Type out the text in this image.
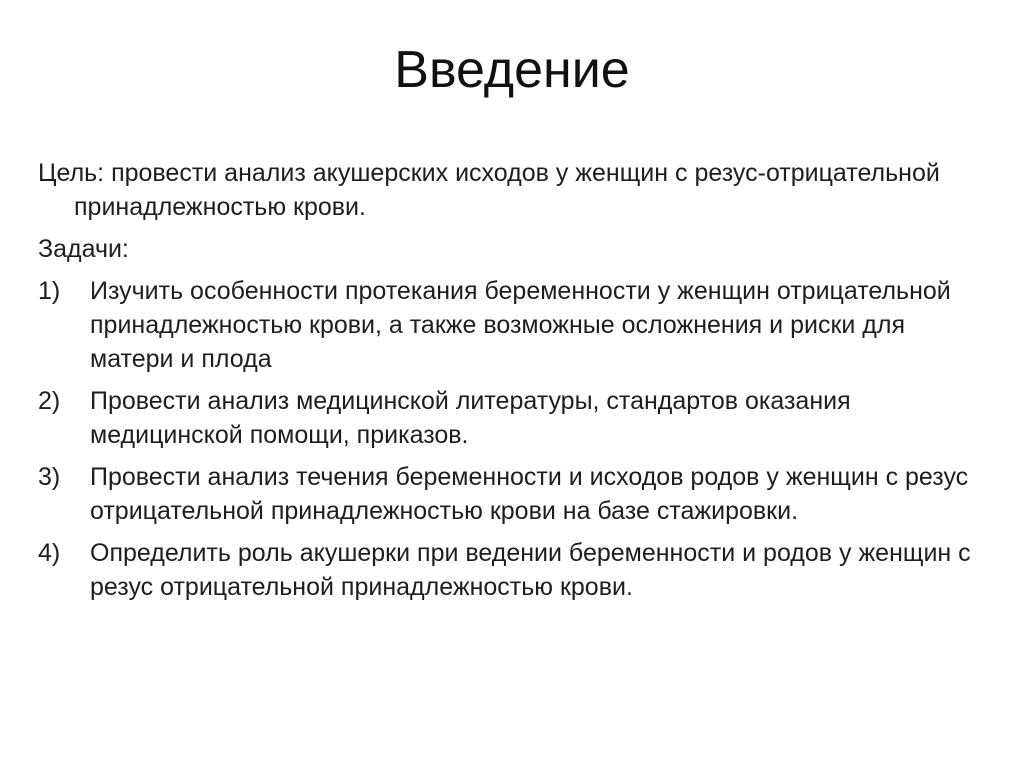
Введение

Цель: провести анализ акушерских исходов у женщин с резус-отрицательной принадлежностью крови.

Задачи:

1) Изучить особенности протекания беременности у женщин отрицательной принадлежностью крови, а также возможные осложнения и риски для матери и плода
2) Провести анализ медицинской литературы, стандартов оказания медицинской помощи, приказов.
3) Провести анализ течения беременности и исходов родов у женщин с резус отрицательной принадлежностью крови на базе стажировки.
4) Определить роль акушерки при ведении беременности и родов у женщин с резус отрицательной принадлежностью крови.
